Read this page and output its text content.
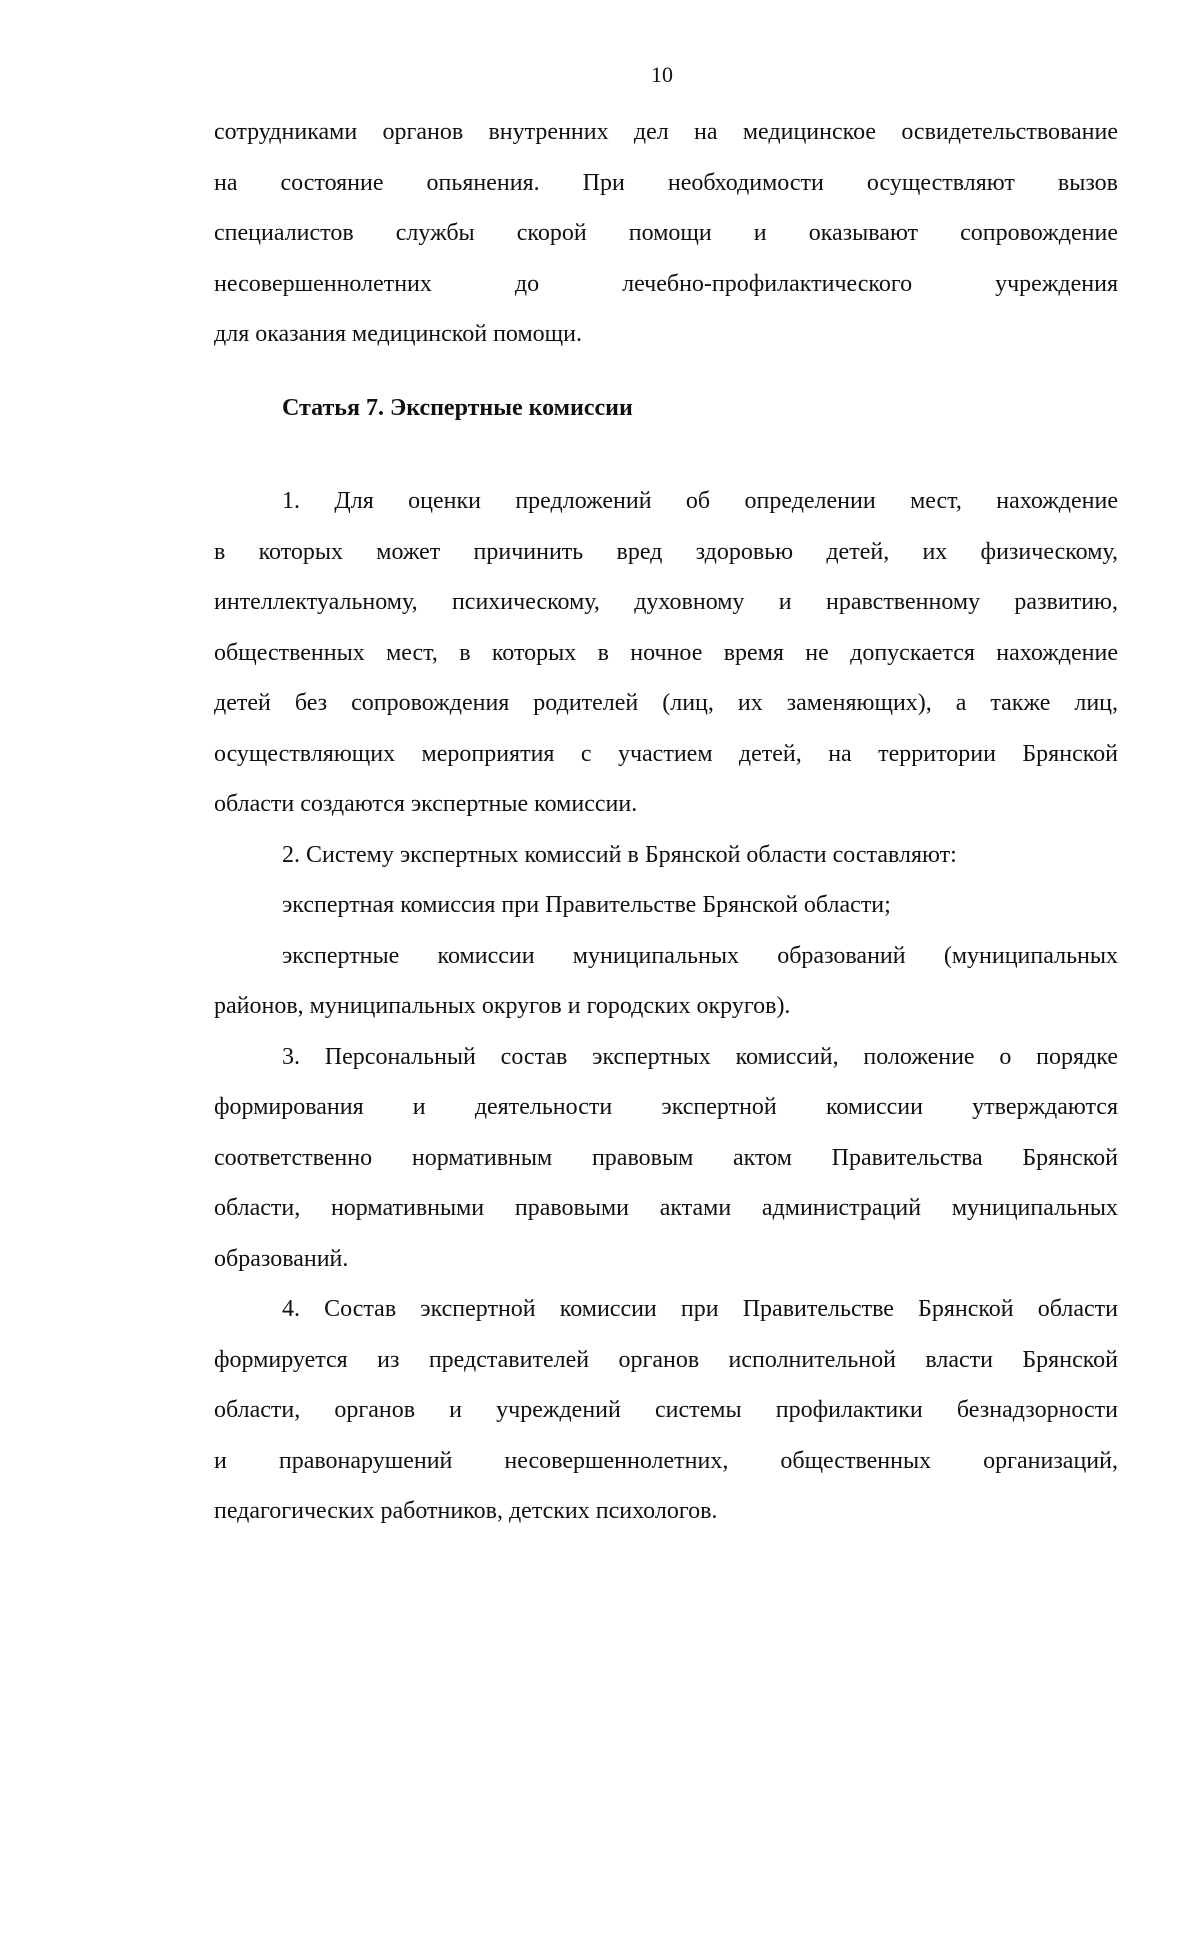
10
сотрудниками органов внутренних дел на медицинское освидетельствование
на состояние опьянения. При необходимости осуществляют вызов
специалистов службы скорой помощи и оказывают сопровождение
несовершеннолетних до лечебно-профилактического учреждения
для оказания медицинской помощи.
Статья 7. Экспертные комиссии
1. Для оценки предложений об определении мест, нахождение
в которых может причинить вред здоровью детей, их физическому,
интеллектуальному, психическому, духовному и нравственному развитию,
общественных мест, в которых в ночное время не допускается нахождение
детей без сопровождения родителей (лиц, их заменяющих), а также лиц,
осуществляющих мероприятия с участием детей, на территории Брянской
области создаются экспертные комиссии.
2. Систему экспертных комиссий в Брянской области составляют:
экспертная комиссия при Правительстве Брянской области;
экспертные комиссии муниципальных образований (муниципальных
районов, муниципальных округов и городских округов).
3. Персональный состав экспертных комиссий, положение о порядке
формирования и деятельности экспертной комиссии утверждаются
соответственно нормативным правовым актом Правительства Брянской
области, нормативными правовыми актами администраций муниципальных
образований.
4. Состав экспертной комиссии при Правительстве Брянской области
формируется из представителей органов исполнительной власти Брянской
области, органов и учреждений системы профилактики безнадзорности
и правонарушений несовершеннолетних, общественных организаций,
педагогических работников, детских психологов.
